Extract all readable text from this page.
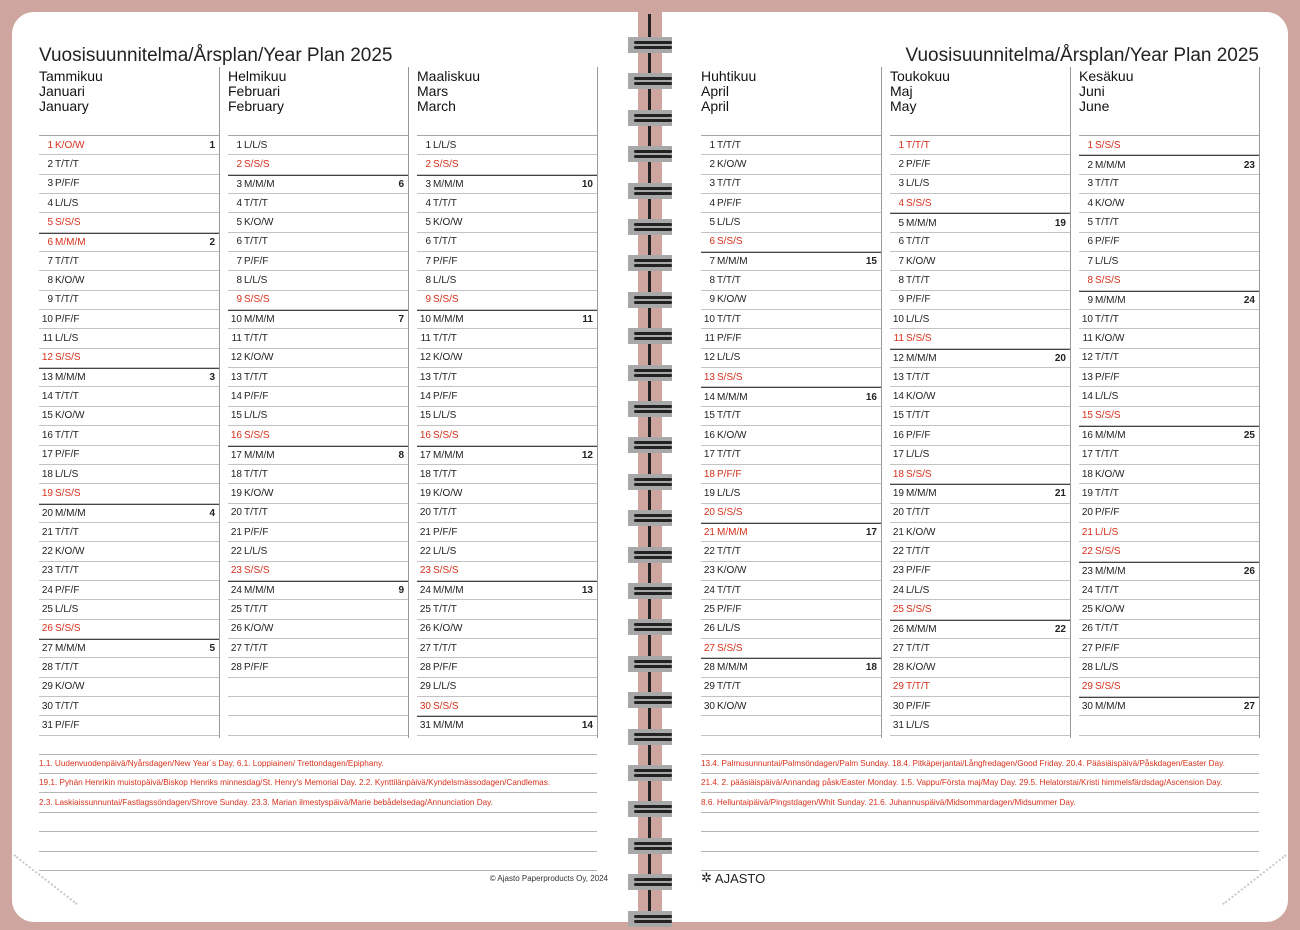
Vuosisuunnitelma/Årsplan/Year Plan 2025
Tammikuu
Januari
January
1 K/O/W	1
2 T/T/T
3 P/F/F
4 L/L/S
5 S/S/S
6 M/M/M	2
7 T/T/T
8 K/O/W
9 T/T/T
10 P/F/F
11 L/L/S
12 S/S/S
13 M/M/M	3
14 T/T/T
15 K/O/W
16 T/T/T
17 P/F/F
18 L/L/S
19 S/S/S
20 M/M/M	4
21 T/T/T
22 K/O/W
23 T/T/T
24 P/F/F
25 L/L/S
26 S/S/S
27 M/M/M	5
28 T/T/T
29 K/O/W
30 T/T/T
31 P/F/F
Helmikuu
Februari
February
1 L/L/S
2 S/S/S
3 M/M/M	6
4 T/T/T
5 K/O/W
6 T/T/T
7 P/F/F
8 L/L/S
9 S/S/S
10 M/M/M	7
11 T/T/T
12 K/O/W
13 T/T/T
14 P/F/F
15 L/L/S
16 S/S/S
17 M/M/M	8
18 T/T/T
19 K/O/W
20 T/T/T
21 P/F/F
22 L/L/S
23 S/S/S
24 M/M/M	9
25 T/T/T
26 K/O/W
27 T/T/T
28 P/F/F
Maaliskuu
Mars
March
1 L/L/S
2 S/S/S
3 M/M/M	10
4 T/T/T
5 K/O/W
6 T/T/T
7 P/F/F
8 L/L/S
9 S/S/S
10 M/M/M	11
11 T/T/T
12 K/O/W
13 T/T/T
14 P/F/F
15 L/L/S
16 S/S/S
17 M/M/M	12
18 T/T/T
19 K/O/W
20 T/T/T
21 P/F/F
22 L/L/S
23 S/S/S
24 M/M/M	13
25 T/T/T
26 K/O/W
27 T/T/T
28 P/F/F
29 L/L/S
30 S/S/S
31 M/M/M	14
1.1. Uudenvuodenpäivä/Nyårsdagen/New Year´s Day. 6.1. Loppiainen/ Trettondagen/Epiphany.
19.1. Pyhän Henrikin muistopäivä/Biskop Henriks minnesdag/St. Henry's Memorial Day. 2.2. Kynttilänpäivä/Kyndelsmässodagen/Candlemas.
2.3. Laskiaissunnuntai/Fastlagssöndagen/Shrove Sunday. 23.3. Marian ilmestyspäivä/Marie bebådelsedag/Annunciation Day.
© Ajasto Paperproducts Oy, 2024
Vuosisuunnitelma/Årsplan/Year Plan 2025
Huhtikuu
April
April
1 T/T/T
2 K/O/W
3 T/T/T
4 P/F/F
5 L/L/S
6 S/S/S
7 M/M/M	15
8 T/T/T
9 K/O/W
10 T/T/T
11 P/F/F
12 L/L/S
13 S/S/S
14 M/M/M	16
15 T/T/T
16 K/O/W
17 T/T/T
18 P/F/F
19 L/L/S
20 S/S/S
21 M/M/M	17
22 T/T/T
23 K/O/W
24 T/T/T
25 P/F/F
26 L/L/S
27 S/S/S
28 M/M/M	18
29 T/T/T
30 K/O/W
Toukokuu
Maj
May
1 T/T/T
2 P/F/F
3 L/L/S
4 S/S/S
5 M/M/M	19
6 T/T/T
7 K/O/W
8 T/T/T
9 P/F/F
10 L/L/S
11 S/S/S
12 M/M/M	20
13 T/T/T
14 K/O/W
15 T/T/T
16 P/F/F
17 L/L/S
18 S/S/S
19 M/M/M	21
20 T/T/T
21 K/O/W
22 T/T/T
23 P/F/F
24 L/L/S
25 S/S/S
26 M/M/M	22
27 T/T/T
28 K/O/W
29 T/T/T
30 P/F/F
31 L/L/S
Kesäkuu
Juni
June
1 S/S/S
2 M/M/M	23
3 T/T/T
4 K/O/W
5 T/T/T
6 P/F/F
7 L/L/S
8 S/S/S
9 M/M/M	24
10 T/T/T
11 K/O/W
12 T/T/T
13 P/F/F
14 L/L/S
15 S/S/S
16 M/M/M	25
17 T/T/T
18 K/O/W
19 T/T/T
20 P/F/F
21 L/L/S
22 S/S/S
23 M/M/M	26
24 T/T/T
25 K/O/W
26 T/T/T
27 P/F/F
28 L/L/S
29 S/S/S
30 M/M/M	27
13.4. Palmusunnuntai/Palmsöndagen/Palm Sunday. 18.4. Pitkäperjantai/Långfredagen/Good Friday. 20.4. Pääsiäispäivä/Påskdagen/Easter Day.
21.4. 2. pääsiäispäivä/Annandag påsk/Easter Monday. 1.5. Vappu/Första maj/May Day. 29.5. Helatorstai/Kristi himmelsfärdsdag/Ascension Day.
8.6. Helluntaipäivä/Pingstdagen/Whit Sunday. 21.6. Juhannuspäivä/Midsommardagen/Midsummer Day.
✲ AJASTO
